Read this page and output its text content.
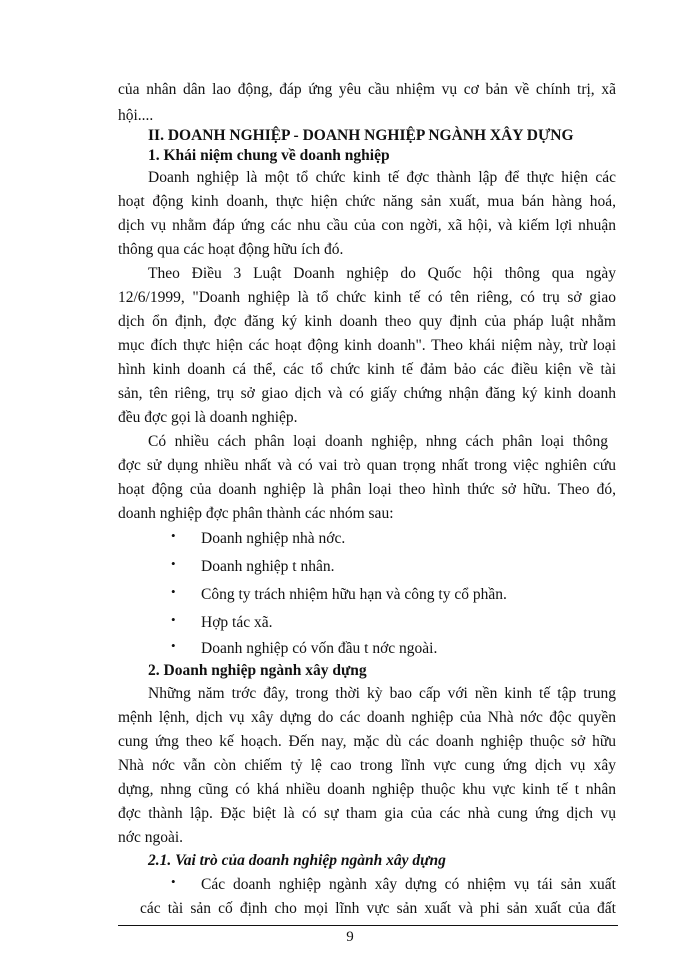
của nhân dân lao động, đáp ứng yêu cầu nhiệm vụ cơ bản về chính trị, xã
hội....
II. DOANH NGHIỆP - DOANH NGHIỆP NGÀNH XÂY DỰNG
1. Khái niệm chung về doanh nghiệp
Doanh nghiệp là một tổ chức kinh tế đợc thành lập để thực hiện các
hoạt động kinh doanh, thực hiện chức năng sản xuất, mua bán hàng hoá,
dịch vụ nhằm đáp ứng các nhu cầu của con ngời, xã hội, và kiếm lợi nhuận
thông qua các hoạt động hữu ích đó.
Theo Điều 3 Luật Doanh nghiệp do Quốc hội thông qua ngày
12/6/1999, "Doanh nghiệp là tổ chức kinh tế có tên riêng, có trụ sở giao
dịch ổn định, đợc đăng ký kinh doanh theo quy định của pháp luật nhằm
mục đích thực hiện các hoạt động kinh doanh". Theo khái niệm này, trừ loại
hình kinh doanh cá thể, các tổ chức kinh tế đảm bảo các điều kiện về tài
sản, tên riêng, trụ sở giao dịch và có giấy chứng nhận đăng ký kinh doanh
đều đợc gọi là doanh nghiệp.
Có nhiều cách phân loại doanh nghiệp, nhng cách phân loại thông
đợc sử dụng nhiều nhất và có vai trò quan trọng nhất trong việc nghiên cứu
hoạt động của doanh nghiệp là phân loại theo hình thức sở hữu. Theo đó,
doanh nghiệp đợc phân thành các nhóm sau:
• Doanh nghiệp nhà nớc.
• Doanh nghiệp t nhân.
• Công ty trách nhiệm hữu hạn và công ty cổ phần.
• Hợp tác xã.
• Doanh nghiệp có vốn đầu t nớc ngoài.
2. Doanh nghiệp ngành xây dựng
Những năm trớc đây, trong thời kỳ bao cấp với nền kinh tế tập trung
mệnh lệnh, dịch vụ xây dựng do các doanh nghiệp của Nhà nớc độc quyền
cung ứng theo kế hoạch. Đến nay, mặc dù các doanh nghiệp thuộc sở hữu
Nhà nớc vẫn còn chiếm tỷ lệ cao trong lĩnh vực cung ứng dịch vụ xây
dựng, nhng cũng có khá nhiều doanh nghiệp thuộc khu vực kinh tế t nhân
đợc thành lập. Đặc biệt là có sự tham gia của các nhà cung ứng dịch vụ
nớc ngoài.
2.1. Vai trò của doanh nghiệp ngành xây dựng
• Các doanh nghiệp ngành xây dựng có nhiệm vụ tái sản xuất
các tài sản cố định cho mọi lĩnh vực sản xuất và phi sản xuất của đất
9
